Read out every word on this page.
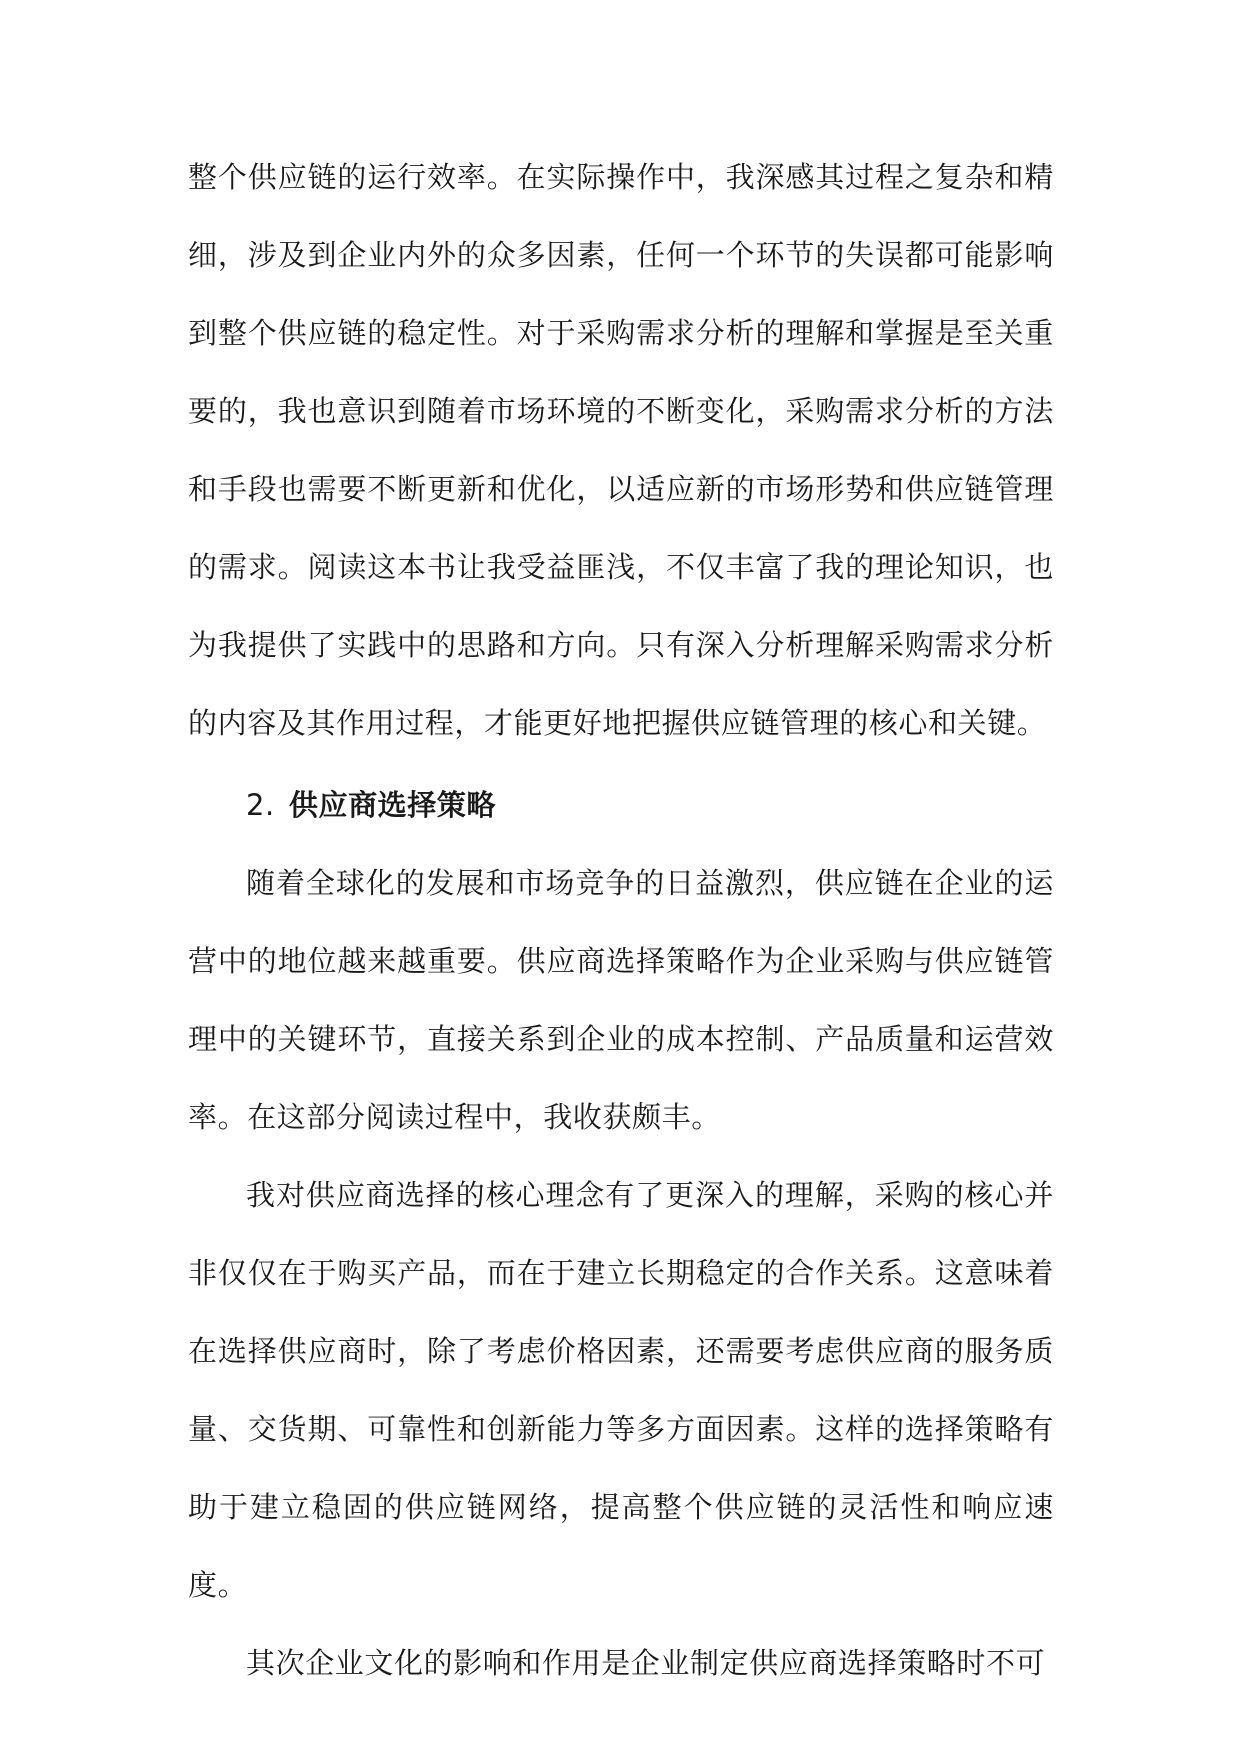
整个供应链的运行效率。在实际操作中，我深感其过程之复杂和精细，涉及到企业内外的众多因素，任何一个环节的失误都可能影响到整个供应链的稳定性。对于采购需求分析的理解和掌握是至关重要的，我也意识到随着市场环境的不断变化，采购需求分析的方法和手段也需要不断更新和优化，以适应新的市场形势和供应链管理的需求。阅读这本书让我受益匪浅，不仅丰富了我的理论知识，也为我提供了实践中的思路和方向。只有深入分析理解采购需求分析的内容及其作用过程，才能更好地把握供应链管理的核心和关键。

2. 供应商选择策略

随着全球化的发展和市场竞争的日益激烈，供应链在企业的运营中的地位越来越重要。供应商选择策略作为企业采购与供应链管理中的关键环节，直接关系到企业的成本控制、产品质量和运营效率。在这部分阅读过程中，我收获颇丰。

我对供应商选择的核心理念有了更深入的理解，采购的核心并非仅仅在于购买产品，而在于建立长期稳定的合作关系。这意味着在选择供应商时，除了考虑价格因素，还需要考虑供应商的服务质量、交货期、可靠性和创新能力等多方面因素。这样的选择策略有助于建立稳固的供应链网络，提高整个供应链的灵活性和响应速度。

其次企业文化的影响和作用是企业制定供应商选择策略时不可
